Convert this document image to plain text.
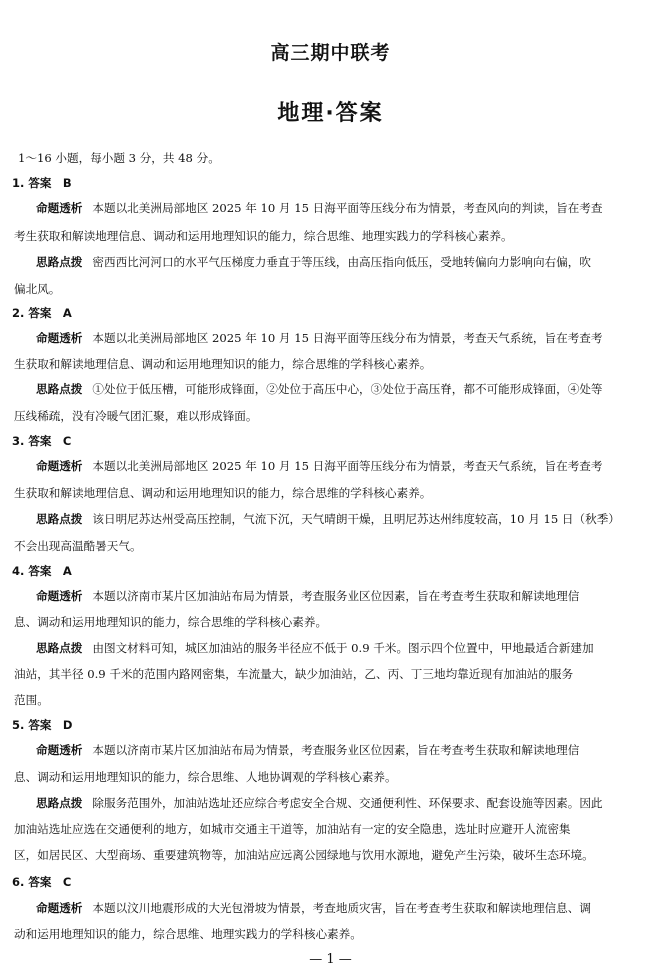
高三期中联考
地理·答案
1～16 小题，每小题 3 分，共 48 分。
1. 答案　B
命题透析 本题以北美洲局部地区 2025 年 10 月 15 日海平面等压线分布为情景，考查风向的判读，旨在考查
考生获取和解读地理信息、调动和运用地理知识的能力，综合思维、地理实践力的学科核心素养。
思路点拨 密西西比河河口的水平气压梯度力垂直于等压线，由高压指向低压，受地转偏向力影响向右偏，吹
偏北风。
2. 答案　A
命题透析 本题以北美洲局部地区 2025 年 10 月 15 日海平面等压线分布为情景，考查天气系统，旨在考查考
生获取和解读地理信息、调动和运用地理知识的能力，综合思维的学科核心素养。
思路点拨 ①处位于低压槽，可能形成锋面，②处位于高压中心，③处位于高压脊，都不可能形成锋面，④处等
压线稀疏，没有冷暖气团汇聚，难以形成锋面。
3. 答案　C
命题透析 本题以北美洲局部地区 2025 年 10 月 15 日海平面等压线分布为情景，考查天气系统，旨在考查考
生获取和解读地理信息、调动和运用地理知识的能力，综合思维的学科核心素养。
思路点拨 该日明尼苏达州受高压控制，气流下沉，天气晴朗干燥，且明尼苏达州纬度较高，10 月 15 日（秋季）
不会出现高温酷暑天气。
4. 答案　A
命题透析 本题以济南市某片区加油站布局为情景，考查服务业区位因素，旨在考查考生获取和解读地理信
息、调动和运用地理知识的能力，综合思维的学科核心素养。
思路点拨 由图文材料可知，城区加油站的服务半径应不低于 0.9 千米。图示四个位置中，甲地最适合新建加
油站，其半径 0.9 千米的范围内路网密集，车流量大，缺少加油站，乙、丙、丁三地均靠近现有加油站的服务
范围。
5. 答案　D
命题透析 本题以济南市某片区加油站布局为情景，考查服务业区位因素，旨在考查考生获取和解读地理信
息、调动和运用地理知识的能力，综合思维、人地协调观的学科核心素养。
思路点拨 除服务范围外，加油站选址还应综合考虑安全合规、交通便利性、环保要求、配套设施等因素。因此
加油站选址应选在交通便利的地方，如城市交通主干道等，加油站有一定的安全隐患，选址时应避开人流密集
区，如居民区、大型商场、重要建筑物等，加油站应远离公园绿地与饮用水源地，避免产生污染，破坏生态环境。
6. 答案　C
命题透析 本题以汶川地震形成的大光包滑坡为情景，考查地质灾害，旨在考查考生获取和解读地理信息、调
动和运用地理知识的能力，综合思维、地理实践力的学科核心素养。
— 1 —
